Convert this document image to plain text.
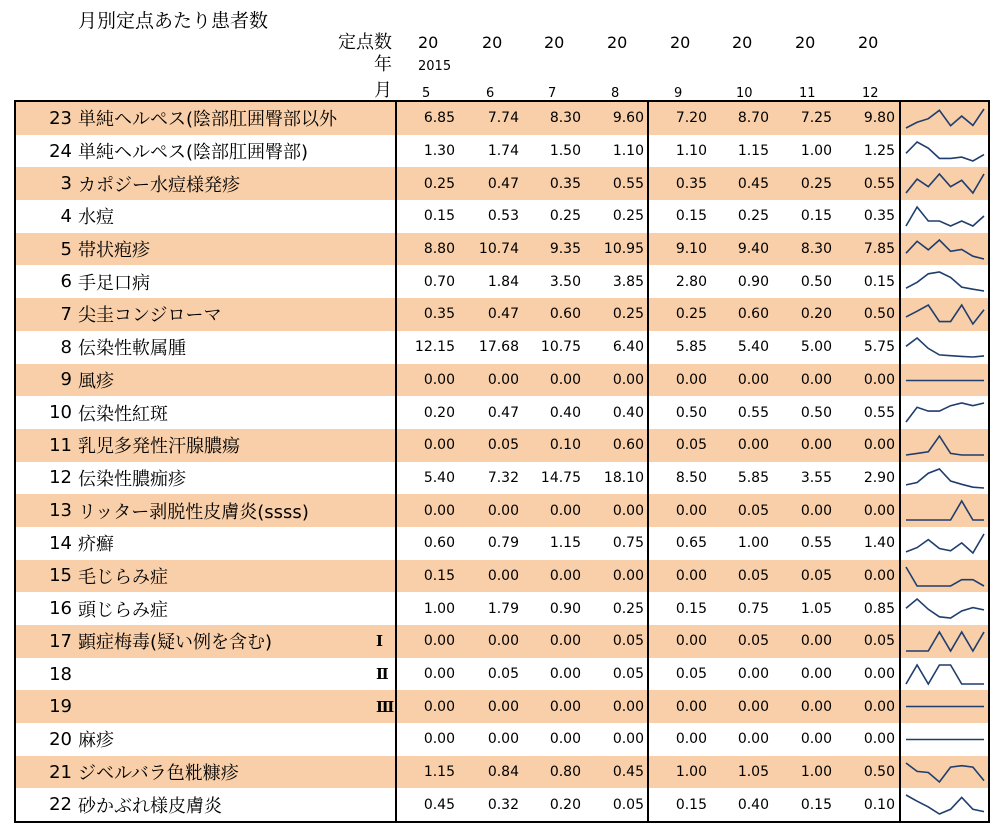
月別定点あたり患者数
定点数
年
月
20	20	20	20	20	20	20	20
2015
5	6	7	8	9	10	11	12
23 単純ヘルペス(陰部肛囲臀部以外	6.85	7.74	8.30	9.60	7.20	8.70	7.25	9.80
24 単純ヘルペス(陰部肛囲臀部)	1.30	1.74	1.50	1.10	1.10	1.15	1.00	1.25
3 カポジー水痘様発疹	0.25	0.47	0.35	0.55	0.35	0.45	0.25	0.55
4 水痘	0.15	0.53	0.25	0.25	0.15	0.25	0.15	0.35
5 帯状疱疹	8.80	10.74	9.35	10.95	9.10	9.40	8.30	7.85
6 手足口病	0.70	1.84	3.50	3.85	2.80	0.90	0.50	0.15
7 尖圭コンジローマ	0.35	0.47	0.60	0.25	0.25	0.60	0.20	0.50
8 伝染性軟属腫	12.15	17.68	10.75	6.40	5.85	5.40	5.00	5.75
9 風疹	0.00	0.00	0.00	0.00	0.00	0.00	0.00	0.00
10 伝染性紅斑	0.20	0.47	0.40	0.40	0.50	0.55	0.50	0.55
11 乳児多発性汗腺膿瘍	0.00	0.05	0.10	0.60	0.05	0.00	0.00	0.00
12 伝染性膿痂疹	5.40	7.32	14.75	18.10	8.50	5.85	3.55	2.90
13 リッター剥脱性皮膚炎(ssss)	0.00	0.00	0.00	0.00	0.00	0.05	0.00	0.00
14 疥癬	0.60	0.79	1.15	0.75	0.65	1.00	0.55	1.40
15 毛じらみ症	0.15	0.00	0.00	0.00	0.00	0.05	0.05	0.00
16 頭じらみ症	1.00	1.79	0.90	0.25	0.15	0.75	1.05	0.85
17 顕症梅毒(疑い例を含む)	Ⅰ	0.00	0.00	0.00	0.05	0.00	0.05	0.00	0.05
18	Ⅱ	0.00	0.05	0.00	0.05	0.05	0.00	0.00	0.00
19	Ⅲ	0.00	0.00	0.00	0.00	0.00	0.00	0.00	0.00
20 麻疹	0.00	0.00	0.00	0.00	0.00	0.00	0.00	0.00
21 ジベルバラ色粃糠疹	1.15	0.84	0.80	0.45	1.00	1.05	1.00	0.50
22 砂かぶれ様皮膚炎	0.45	0.32	0.20	0.05	0.15	0.40	0.15	0.10
